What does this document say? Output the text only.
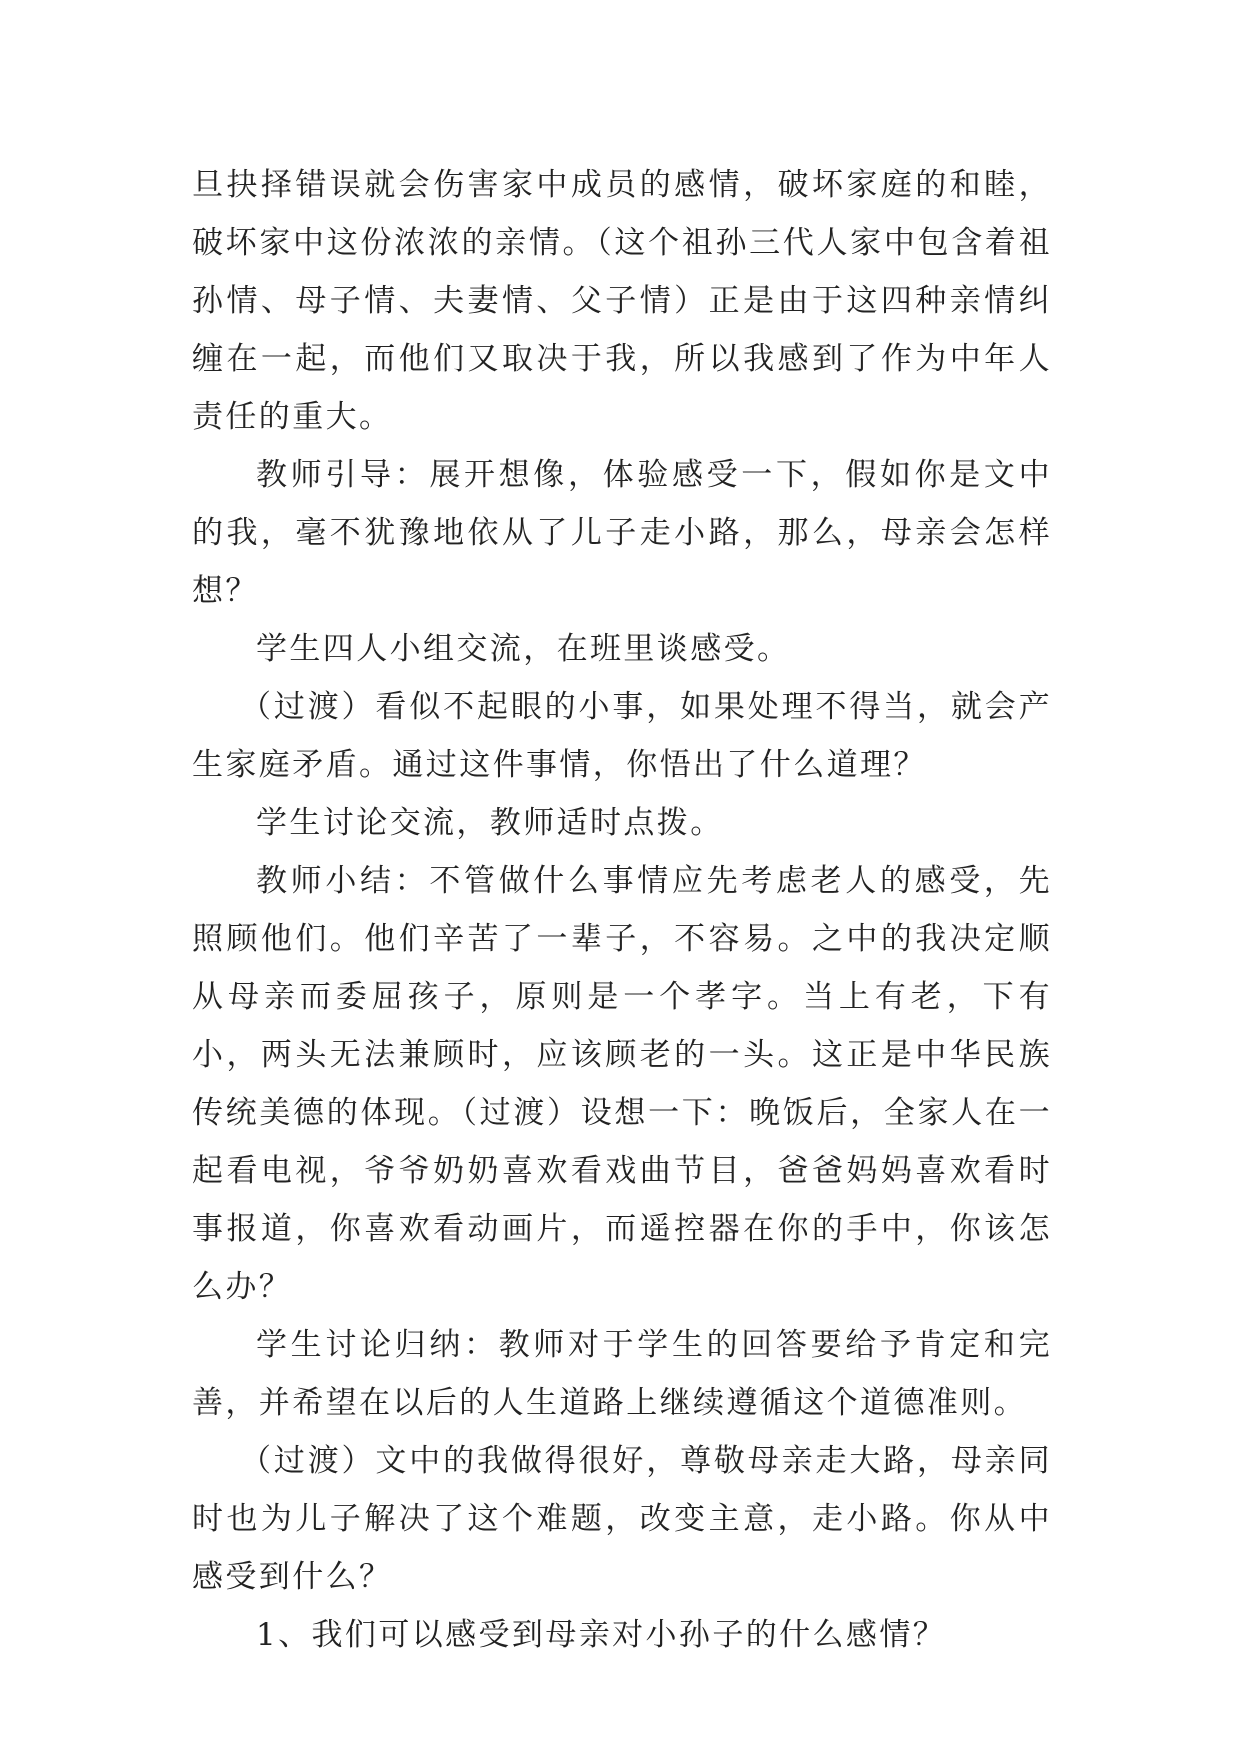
旦抉择错误就会伤害家中成员的感情，破坏家庭的和睦，破坏家中这份浓浓的亲情。（这个祖孙三代人家中包含着祖孙情、母子情、夫妻情、父子情）正是由于这四种亲情纠缠在一起，而他们又取决于我，所以我感到了作为中年人责任的重大。

教师引导：展开想像，体验感受一下，假如你是文中的我，毫不犹豫地依从了儿子走小路，那么，母亲会怎样想？

学生四人小组交流，在班里谈感受。

（过渡）看似不起眼的小事，如果处理不得当，就会产生家庭矛盾。通过这件事情，你悟出了什么道理？

学生讨论交流，教师适时点拨。

教师小结：不管做什么事情应先考虑老人的感受，先照顾他们。他们辛苦了一辈子，不容易。之中的我决定顺从母亲而委屈孩子，原则是一个孝字。当上有老，下有小，两头无法兼顾时，应该顾老的一头。这正是中华民族传统美德的体现。（过渡）设想一下：晚饭后，全家人在一起看电视，爷爷奶奶喜欢看戏曲节目，爸爸妈妈喜欢看时事报道，你喜欢看动画片，而遥控器在你的手中，你该怎么办？

学生讨论归纳：教师对于学生的回答要给予肯定和完善，并希望在以后的人生道路上继续遵循这个道德准则。

（过渡）文中的我做得很好，尊敬母亲走大路，母亲同时也为儿子解决了这个难题，改变主意，走小路。你从中感受到什么？

1、我们可以感受到母亲对小孙子的什么感情？
